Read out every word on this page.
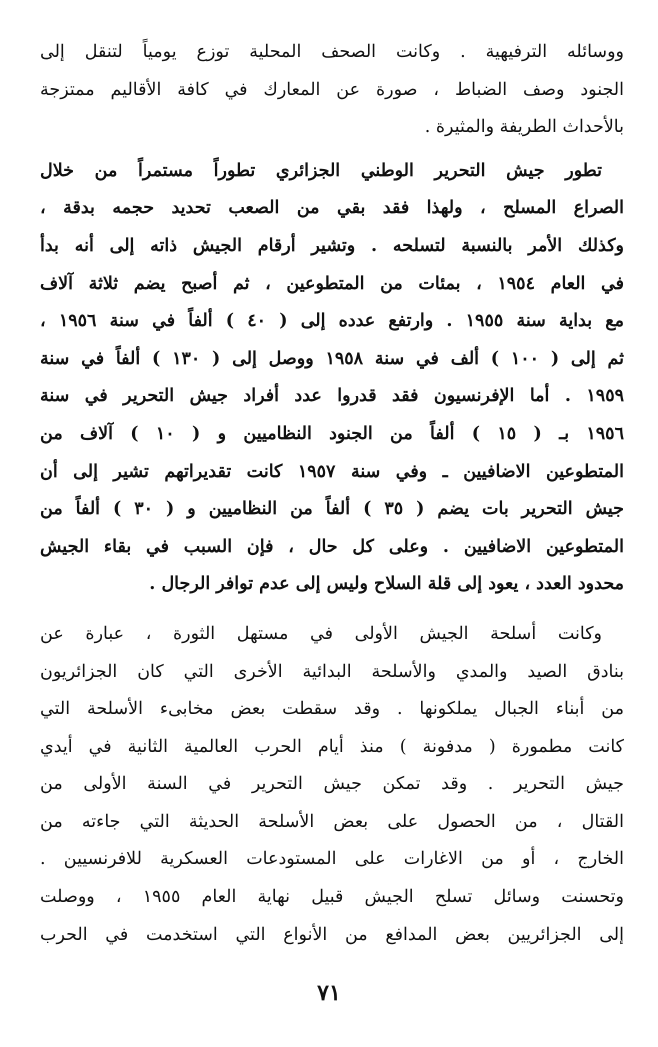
ووسائله الترفيهية . وكانت الصحف المحلية توزع يومياً لتنقل إلى
الجنود وصف الضباط ، صورة عن المعارك في كافة الأقاليم ممتزجة
بالأحداث الطريفة والمثيرة .

تطور جيش التحرير الوطني الجزائري تطوراً مستمراً من خلال
الصراع المسلح ، ولهذا فقد بقي من الصعب تحديد حجمه بدقة ،
وكذلك الأمر بالنسبة لتسلحه . وتشير أرقام الجيش ذاته إلى أنه بدأ
في العام ١٩٥٤ ، بمئات من المتطوعين ، ثم أصبح يضم ثلاثة آلاف
مع بداية سنة ١٩٥٥ . وارتفع عدده إلى ( ٤٠ ) ألفاً في سنة ١٩٥٦ ،
ثم إلى ( ١٠٠ ) ألف في سنة ١٩٥٨ ووصل إلى ( ١٣٠ ) ألفاً في سنة
١٩٥٩ . أما الإفرنسيون فقد قدروا عدد أفراد جيش التحرير في سنة
١٩٥٦ بـ ( ١٥ ) ألفاً من الجنود النظاميين و ( ١٠ ) آلاف من
المتطوعين الاضافيين ـ وفي سنة ١٩٥٧ كانت تقديراتهم تشير إلى أن
جيش التحرير بات يضم ( ٣٥ ) ألفاً من النظاميين و ( ٣٠ ) ألفاً من
المتطوعين الاضافيين . وعلى كل حال ، فإن السبب في بقاء الجيش
محدود العدد ، يعود إلى قلة السلاح وليس إلى عدم توافر الرجال .

وكانت أسلحة الجيش الأولى في مستهل الثورة ، عبارة عن
بنادق الصيد والمدي والأسلحة البدائية الأخرى التي كان الجزائريون
من أبناء الجبال يملكونها . وقد سقطت بعض مخابىء الأسلحة التي
كانت مطمورة ( مدفونة ) منذ أيام الحرب العالمية الثانية في أيدي
جيش التحرير . وقد تمكن جيش التحرير في السنة الأولى من
القتال ، من الحصول على بعض الأسلحة الحديثة التي جاءته من
الخارج ، أو من الاغارات على المستودعات العسكرية للافرنسيين .
وتحسنت وسائل تسلح الجيش قبيل نهاية العام ١٩٥٥ ، ووصلت
إلى الجزائريين بعض المدافع من الأنواع التي استخدمت في الحرب

٧١
